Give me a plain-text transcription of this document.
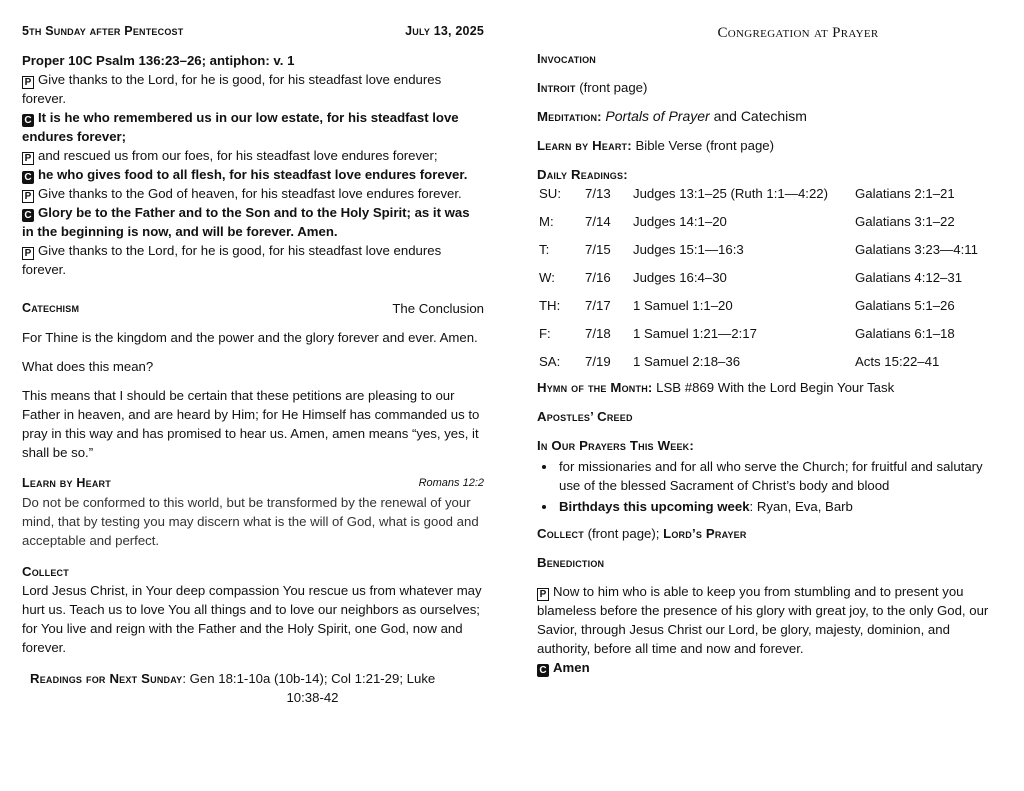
5th Sunday after Pentecost	July 13, 2025

Proper 10C Psalm 136:23–26; antiphon: v. 1

P Give thanks to the Lord, for he is good, for his steadfast love endures forever.

C It is he who remembered us in our low estate, for his steadfast love endures forever;

P and rescued us from our foes, for his steadfast love endures forever;

C he who gives food to all flesh, for his steadfast love endures forever.

P Give thanks to the God of heaven, for his steadfast love endures forever.

C Glory be to the Father and to the Son and to the Holy Spirit; as it was in the beginning is now, and will be forever. Amen.

P Give thanks to the Lord, for he is good, for his steadfast love endures forever.

Catechism	The Conclusion

For Thine is the kingdom and the power and the glory forever and ever. Amen.

What does this mean?

This means that I should be certain that these petitions are pleasing to our Father in heaven, and are heard by Him; for He Himself has commanded us to pray in this way and has promised to hear us. Amen, amen means “yes, yes, it shall be so.”

Learn by Heart	Romans 12:2

Do not be conformed to this world, but be transformed by the renewal of your mind, that by testing you may discern what is the will of God, what is good and acceptable and perfect.

Collect

Lord Jesus Christ, in Your deep compassion You rescue us from whatever may hurt us. Teach us to love You all things and to love our neighbors as ourselves; for You live and reign with the Father and the Holy Spirit, one God, now and forever.

Readings for Next Sunday: Gen 18:1-10a (10b-14); Col 1:21-29; Luke
10:38-42
Congregation at Prayer

Invocation

Introit (front page)

Meditation: Portals of Prayer and Catechism

Learn by Heart: Bible Verse (front page)

Daily Readings:

SU:	7/13	Judges 13:1–25 (Ruth 1:1—4:22)	Galatians 2:1–21
M:	7/14	Judges 14:1–20	Galatians 3:1–22
T:	7/15	Judges 15:1—16:3	Galatians 3:23—4:11
W:	7/16	Judges 16:4–30	Galatians 4:12–31
TH:	7/17	1 Samuel 1:1–20	Galatians 5:1–26
F:	7/18	1 Samuel 1:21—2:17	Galatians 6:1–18
SA:	7/19	1 Samuel 2:18–36	Acts 15:22–41

Hymn of the Month: LSB #869 With the Lord Begin Your Task

Apostles’ Creed

In Our Prayers This Week:

• for missionaries and for all who serve the Church; for fruitful and salutary use of the blessed Sacrament of Christ’s body and blood
• Birthdays this upcoming week: Ryan, Eva, Barb

Collect (front page); Lord’s Prayer

Benediction

P Now to him who is able to keep you from stumbling and to present you blameless before the presence of his glory with great joy, to the only God, our Savior, through Jesus Christ our Lord, be glory, majesty, dominion, and authority, before all time and now and forever.

C Amen
